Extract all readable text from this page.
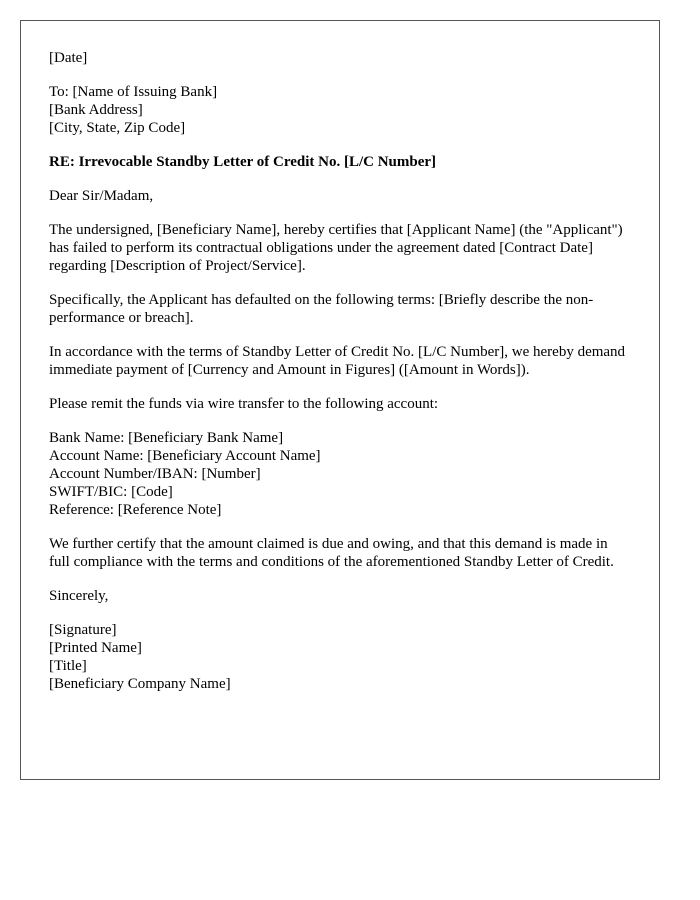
[Date]
To: [Name of Issuing Bank]
[Bank Address]
[City, State, Zip Code]
RE: Irrevocable Standby Letter of Credit No. [L/C Number]
Dear Sir/Madam,

The undersigned, [Beneficiary Name], hereby certifies that [Applicant Name] (the "Applicant") has failed to perform its contractual obligations under the agreement dated [Contract Date] regarding [Description of Project/Service].

Specifically, the Applicant has defaulted on the following terms: [Briefly describe the non-performance or breach].

In accordance with the terms of Standby Letter of Credit No. [L/C Number], we hereby demand immediate payment of [Currency and Amount in Figures] ([Amount in Words]).

Please remit the funds via wire transfer to the following account:

Bank Name: [Beneficiary Bank Name]
Account Name: [Beneficiary Account Name]
Account Number/IBAN: [Number]
SWIFT/BIC: [Code]
Reference: [Reference Note]

We further certify that the amount claimed is due and owing, and that this demand is made in full compliance with the terms and conditions of the aforementioned Standby Letter of Credit.

Sincerely,
[Signature]
[Printed Name]
[Title]
[Beneficiary Company Name]
